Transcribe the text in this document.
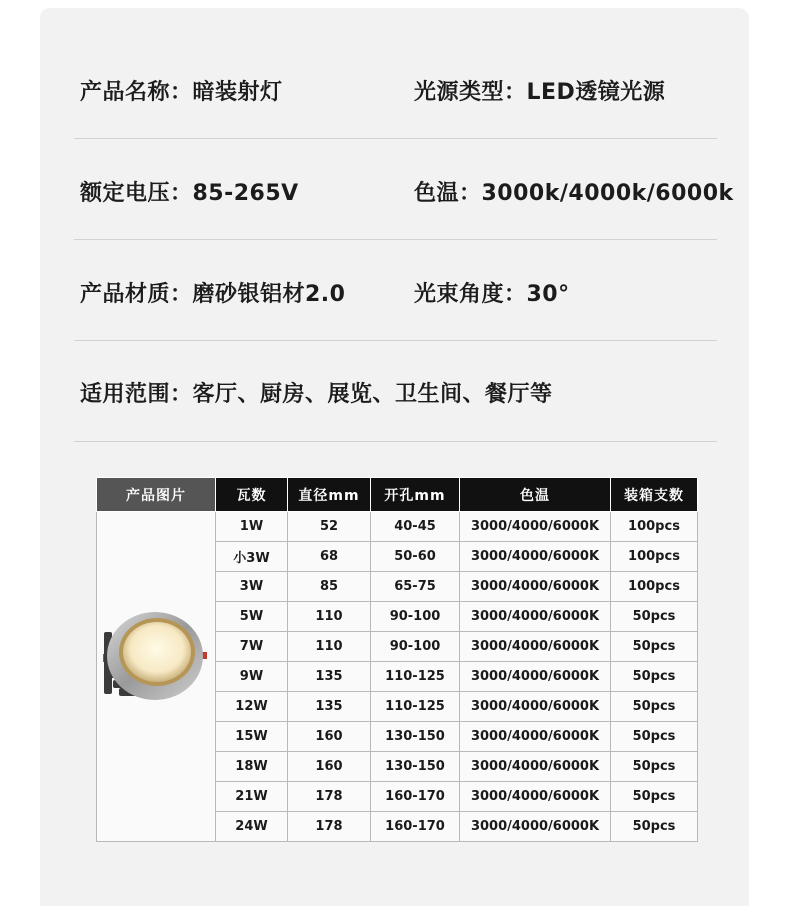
产品名称：暗装射灯	光源类型：LED透镜光源
额定电压：85-265V	色温：3000k/4000k/6000k
产品材质：磨砂银铝材2.0	光束角度：30°
适用范围：客厅、厨房、展览、卫生间、餐厅等
产品图片	瓦数	直径mm	开孔mm	色温	装箱支数

	1W	52	40-45	3000/4000/6000K	100pcs
	小3W	68	50-60	3000/4000/6000K	100pcs
	3W	85	65-75	3000/4000/6000K	100pcs
	5W	110	90-100	3000/4000/6000K	50pcs
	7W	110	90-100	3000/4000/6000K	50pcs
	9W	135	110-125	3000/4000/6000K	50pcs
	12W	135	110-125	3000/4000/6000K	50pcs
	15W	160	130-150	3000/4000/6000K	50pcs
	18W	160	130-150	3000/4000/6000K	50pcs
	21W	178	160-170	3000/4000/6000K	50pcs
	24W	178	160-170	3000/4000/6000K	50pcs
